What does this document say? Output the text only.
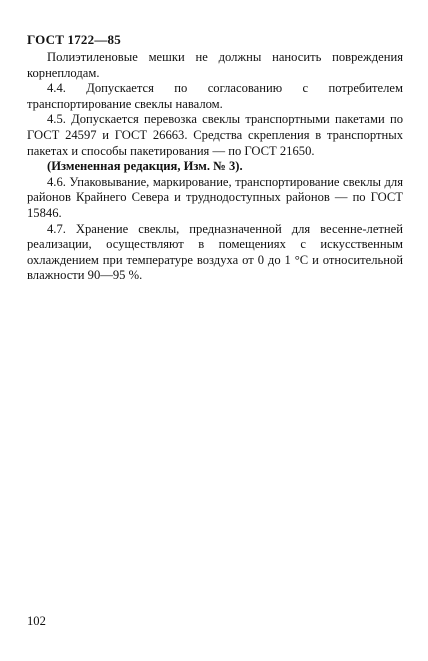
ГОСТ 1722—85

Полиэтиленовые мешки не должны наносить повреждения корнеплодам.

4.4. Допускается по согласованию с потребителем транспортирование свеклы навалом.

4.5. Допускается перевозка свеклы транспортными пакетами по ГОСТ 24597 и ГОСТ 26663. Средства скрепления в транспортных пакетах и способы пакетирования — по ГОСТ 21650.

(Измененная редакция, Изм. № 3).

4.6. Упаковывание, маркирование, транспортирование свеклы для районов Крайнего Севера и труднодоступных районов — по ГОСТ 15846.

4.7. Хранение свеклы, предназначенной для весенне-летней реализации, осуществляют в помещениях с искусственным охлаждением при температуре воздуха от 0 до 1 °С и относительной влажности 90—95 %.

102
